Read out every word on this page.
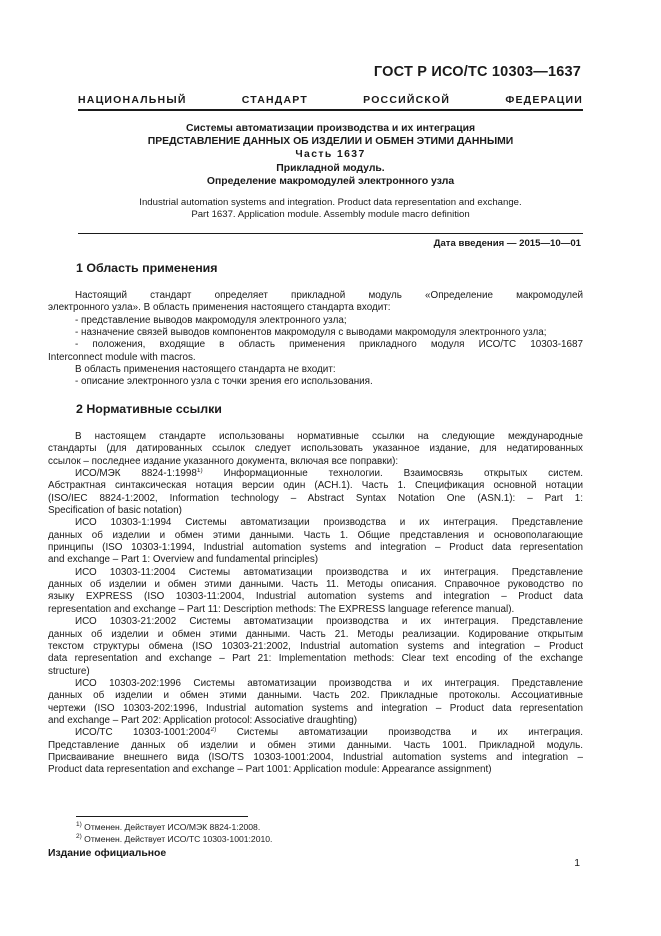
ГОСТ Р ИСО/ТС 10303—1637
НАЦИОНАЛЬНЫЙ СТАНДАРТ РОССИЙСКОЙ ФЕДЕРАЦИИ
Системы автоматизации производства и их интеграция
ПРЕДСТАВЛЕНИЕ ДАННЫХ ОБ ИЗДЕЛИИ И ОБМЕН ЭТИМИ ДАННЫМИ
Часть 1637
Прикладной модуль.
Определение макромодулей электронного узла
Industrial automation systems and integration. Product data representation and exchange.
Part 1637. Application module. Assembly module macro definition
Дата введения — 2015—10—01
1 Область применения

Настоящий стандарт определяет прикладной модуль «Определение макромодулей

электронного узла». В область применения настоящего стандарта входит:

- представление выводов макромодуля электронного узла;

- назначение связей выводов компонентов макромодуля с выводами макромодуля электронного узла;

- положения, входящие в область применения прикладного модуля ИСО/ТС 10303-1687

Interconnect module with macros.

В область применения настоящего стандарта не входит:

- описание электронного узла с точки зрения его использования.

2 Нормативные ссылки

В настоящем стандарте использованы нормативные ссылки на следующие международные

стандарты (для датированных ссылок следует использовать указанное издание, для недатированных

ссылок – последнее издание указанного документа, включая все поправки):

ИСО/МЭК 8824-1:1998$^{1)}$ Информационные технологии. Взаимосвязь открытых систем.

Абстрактная синтаксическая нотация версии один (АСН.1). Часть 1. Спецификация основной нотации

(ISO/IEC 8824-1:2002, Information technology – Abstract Syntax Notation One (ASN.1): – Part 1:

Specification of basic notation)

ИСО 10303-1:1994 Системы автоматизации производства и их интеграция. Представление

данных об изделии и обмен этими данными. Часть 1. Общие представления и основополагающие

принципы (ISO 10303-1:1994, Industrial automation systems and integration – Product data representation

and exchange – Part 1: Overview and fundamental principles)

ИСО 10303-11:2004 Системы автоматизации производства и их интеграция. Представление

данных об изделии и обмен этими данными. Часть 11. Методы описания. Справочное руководство по

языку EXPRESS (ISO 10303-11:2004, Industrial automation systems and integration – Product data

representation and exchange – Part 11: Description methods: The EXPRESS language reference manual).

ИСО 10303-21:2002 Системы автоматизации производства и их интеграция. Представление

данных об изделии и обмен этими данными. Часть 21. Методы реализации. Кодирование открытым

текстом структуры обмена (ISO 10303-21:2002, Industrial automation systems and integration – Product

data representation and exchange – Part 21: Implementation methods: Clear text encoding of the exchange

structure)

ИСО 10303-202:1996 Системы автоматизации производства и их интеграция. Представление

данных об изделии и обмен этими данными. Часть 202. Прикладные протоколы. Ассоциативные

чертежи (ISO 10303-202:1996, Industrial automation systems and integration – Product data representation

and exchange – Part 202: Application protocol: Associative draughting)

ИСО/ТС 10303-1001:2004$^{2)}$ Системы автоматизации производства и их интеграция.

Представление данных об изделии и обмен этими данными. Часть 1001. Прикладной модуль.

Присваивание внешнего вида (ISO/TS 10303-1001:2004, Industrial automation systems and integration –

Product data representation and exchange – Part 1001: Application module: Appearance assignment)

$^{1)}$ Отменен. Действует ИСО/МЭК 8824-1:2008.

$^{2)}$ Отменен. Действует ИСО/ТС 10303-1001:2010.

Издание официальное
1
